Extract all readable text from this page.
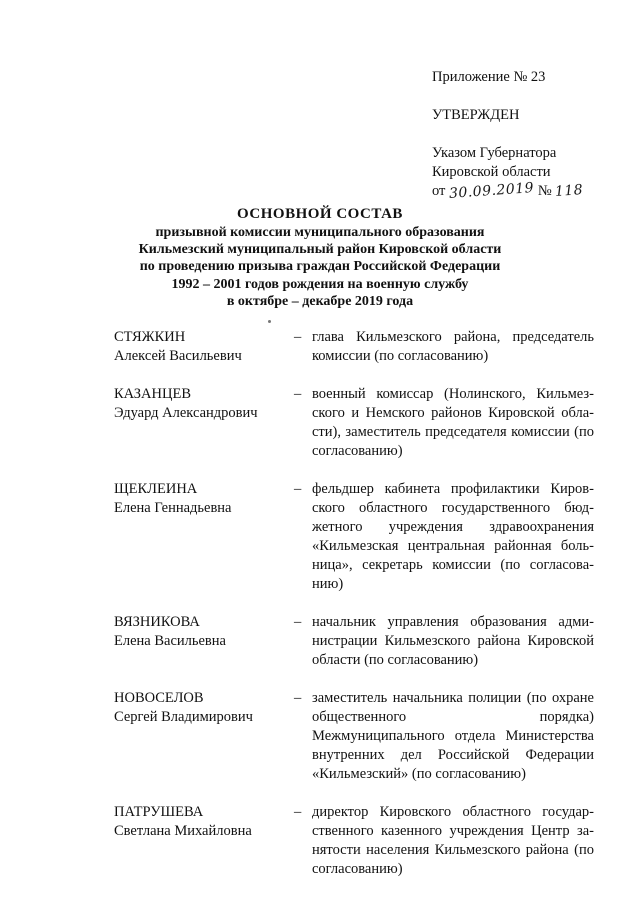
Приложение № 23
УТВЕРЖДЕН
Указом Губернатора
Кировской области
от 30.09.2019 № 118
ОСНОВНОЙ СОСТАВ
призывной комиссии муниципального образования
Кильмезский муниципальный район Кировской области
по проведению призыва граждан Российской Федерации
1992 – 2001 годов рождения на военную службу
в октябре – декабре 2019 года
СТЯЖКИН
Алексей Васильевич
– глава Кильмезского района, председатель комиссии (по согласованию)
КАЗАНЦЕВ
Эдуард Александрович
– военный комиссар (Нолинского, Кильмезского и Немского районов Кировской области), заместитель председателя комиссии (по согласованию)
ЩЕКЛЕИНА
Елена Геннадьевна
– фельдшер кабинета профилактики Кировского областного государственного бюджетного учреждения здравоохранения «Кильмезская центральная районная больница», секретарь комиссии (по согласованию)
ВЯЗНИКОВА
Елена Васильевна
– начальник управления образования администрации Кильмезского района Кировской области (по согласованию)
НОВОСЕЛОВ
Сергей Владимирович
– заместитель начальника полиции (по охране общественного порядка) Межмуниципального отдела Министерства внутренних дел Российской Федерации «Кильмезский» (по согласованию)
ПАТРУШЕВА
Светлана Михайловна
– директор Кировского областного государственного казенного учреждения Центр занятости населения Кильмезского района (по согласованию)
